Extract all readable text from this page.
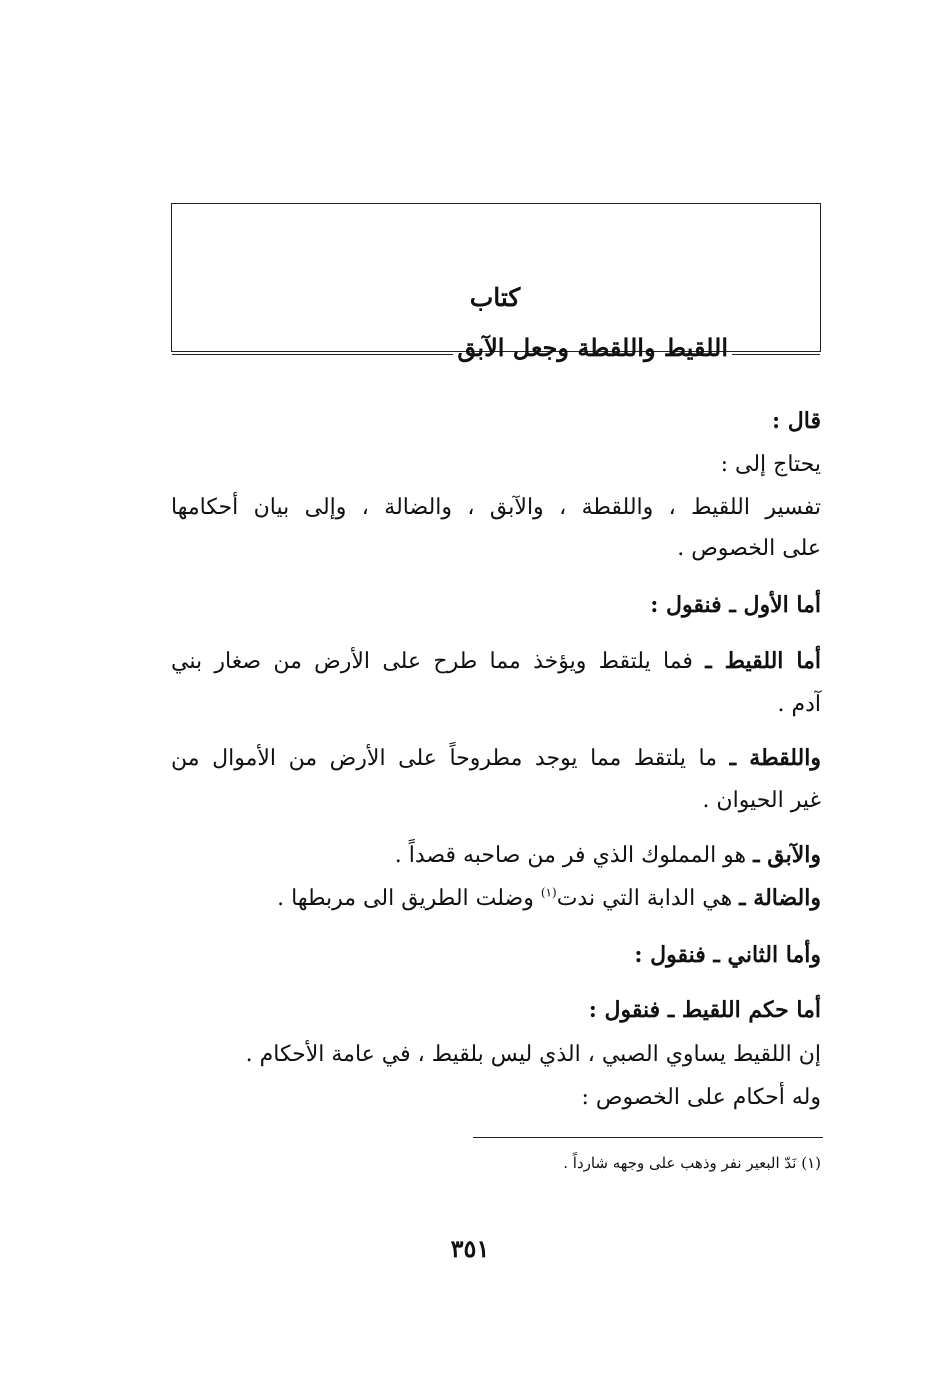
كتاب
اللقيط واللقطة وجعل الآبق
قال :
يحتاج إلى :
تفسير اللقيط ، واللقطة ، والآبق ، والضالة ، وإلى بيان أحكامها
على الخصوص .
أما الأول ـ فنقول :
أما اللقيط ـ فما يلتقط ويؤخذ مما طرح على الأرض من صغار بني
آدم .
واللقطة ـ ما يلتقط مما يوجد مطروحاً على الأرض من الأموال من
غير الحيوان .
والآبق ـ هو المملوك الذي فر من صاحبه قصداً .
والضالة ـ هي الدابة التي ندت$^{(١)}$ وضلت الطريق الى مربطها .
وأما الثاني ـ فنقول :
أما حكم اللقيط ـ فنقول :
إن اللقيط يساوي الصبي ، الذي ليس بلقيط ، في عامة الأحكام .
وله أحكام على الخصوص :
(١) نَدّ البعير نفر وذهب على وجهه شارداً .
٣٥١
